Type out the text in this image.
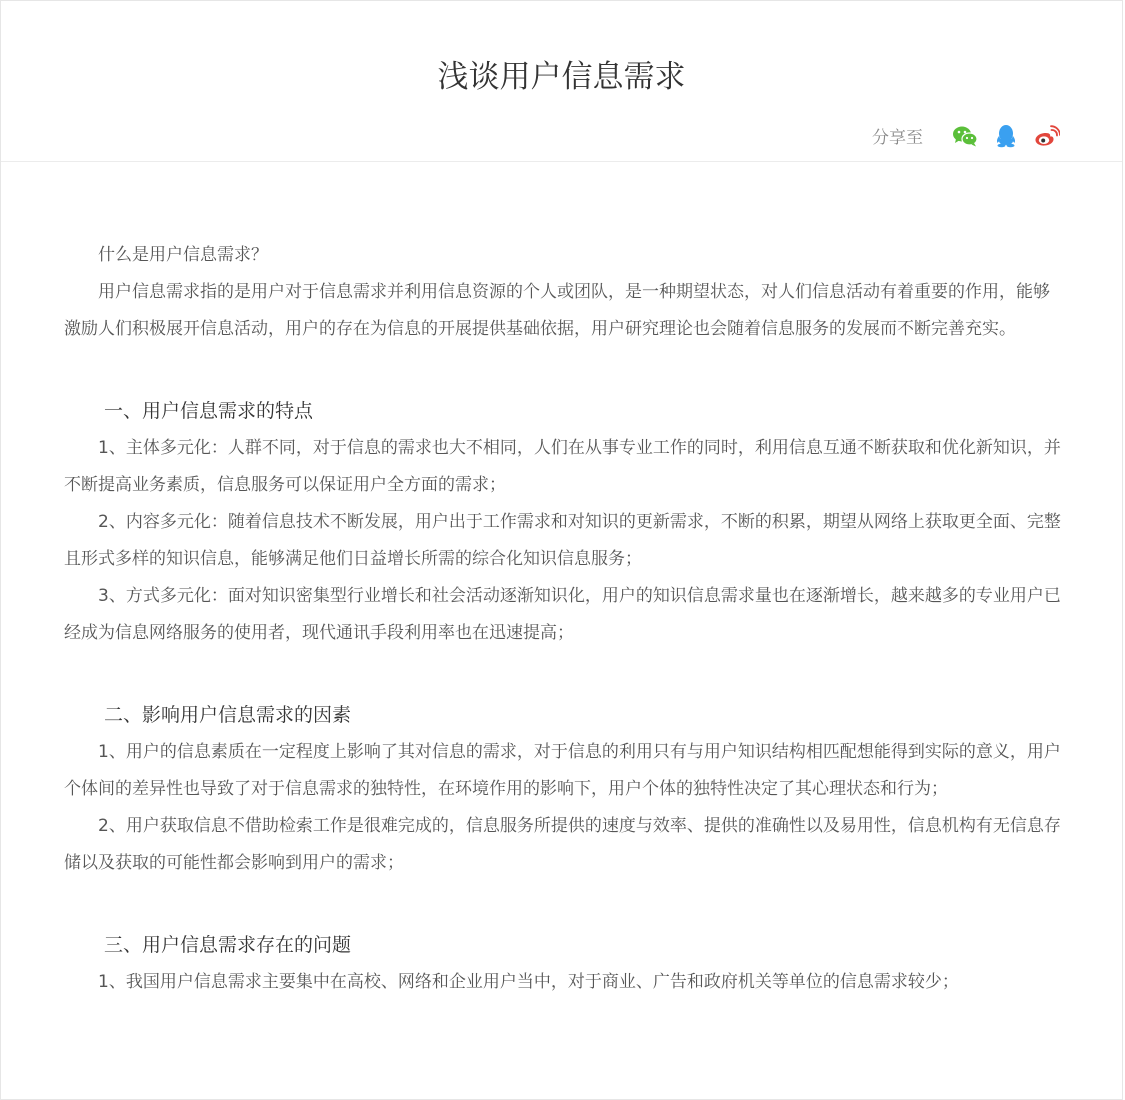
浅谈用户信息需求
分享至

什么是用户信息需求？

用户信息需求指的是用户对于信息需求并利用信息资源的个人或团队，是一种期望状态，对人们信息活动有着重要的作用，能够激励人们积极展开信息活动，用户的存在为信息的开展提供基础依据，用户研究理论也会随着信息服务的发展而不断完善充实。

一、用户信息需求的特点

1、主体多元化：人群不同，对于信息的需求也大不相同，人们在从事专业工作的同时，利用信息互通不断获取和优化新知识，并不断提高业务素质，信息服务可以保证用户全方面的需求；

2、内容多元化：随着信息技术不断发展，用户出于工作需求和对知识的更新需求，不断的积累，期望从网络上获取更全面、完整且形式多样的知识信息，能够满足他们日益增长所需的综合化知识信息服务；

3、方式多元化：面对知识密集型行业增长和社会活动逐渐知识化，用户的知识信息需求量也在逐渐增长，越来越多的专业用户已经成为信息网络服务的使用者，现代通讯手段利用率也在迅速提高；

二、影响用户信息需求的因素

1、用户的信息素质在一定程度上影响了其对信息的需求，对于信息的利用只有与用户知识结构相匹配想能得到实际的意义，用户个体间的差异性也导致了对于信息需求的独特性，在环境作用的影响下，用户个体的独特性决定了其心理状态和行为；

2、用户获取信息不借助检索工作是很难完成的，信息服务所提供的速度与效率、提供的准确性以及易用性，信息机构有无信息存储以及获取的可能性都会影响到用户的需求；

三、用户信息需求存在的问题

1、我国用户信息需求主要集中在高校、网络和企业用户当中，对于商业、广告和政府机关等单位的信息需求较少；
